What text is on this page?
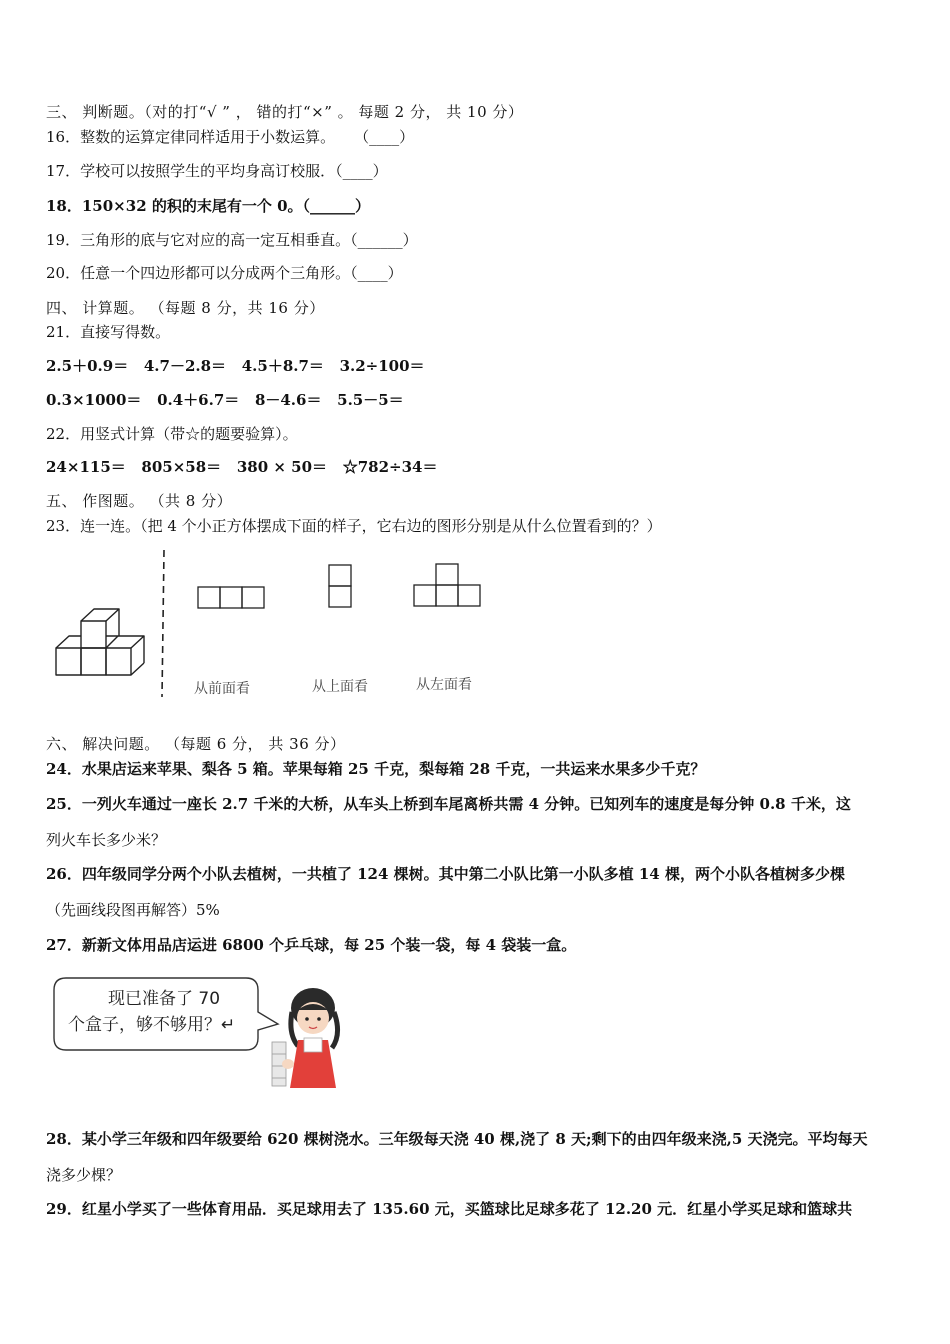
三、 判断题。（对的打“√ ” ， 错的打“×” 。 每题 2 分， 共 10 分）
16．整数的运算定律同样适用于小数运算。    （____）
17．学校可以按照学生的平均身高订校服．（____）
18．150×32 的积的末尾有一个 0。（______）
19．三角形的底与它对应的高一定互相垂直。（______）
20．任意一个四边形都可以分成两个三角形。（____）
四、 计算题。 （每题 8 分，共 16 分）
21．直接写得数。
2.5＋0.9＝   4.7－2.8＝   4.5＋8.7＝   3.2÷100＝
0.3×1000＝   0.4＋6.7＝   8－4.6＝   5.5－5＝
22．用竖式计算（带☆的题要验算）。
24×115＝   805×58＝   380 × 50＝   ☆782÷34＝
五、 作图题。 （共 8 分）
23．连一连。（把 4 个小正方体摆成下面的样子，它右边的图形分别是从什么位置看到的？）
从前面看	从上面看	从左面看
六、 解决问题。 （每题 6 分， 共 36 分）
24．水果店运来苹果、梨各 5 箱。苹果每箱 25 千克，梨每箱 28 千克，一共运来水果多少千克？
25．一列火车通过一座长 2.7 千米的大桥，从车头上桥到车尾离桥共需 4 分钟。已知列车的速度是每分钟 0.8 千米，这
列火车长多少米？
26．四年级同学分两个小队去植树，一共植了 124 棵树。其中第二小队比第一小队多植 14 棵，两个小队各植树多少棵
（先画线段图再解答）5%
27．新新文体用品店运进 6800 个乒乓球，每 25 个装一袋，每 4 袋装一盒。
现已准备了 70
个盒子，够不够用？↵
28．某小学三年级和四年级要给 620 棵树浇水。三年级每天浇 40 棵,浇了 8 天;剩下的由四年级来浇,5 天浇完。平均每天
浇多少棵？
29．红星小学买了一些体育用品．买足球用去了 135.60 元，买篮球比足球多花了 12.20 元．红星小学买足球和篮球共
